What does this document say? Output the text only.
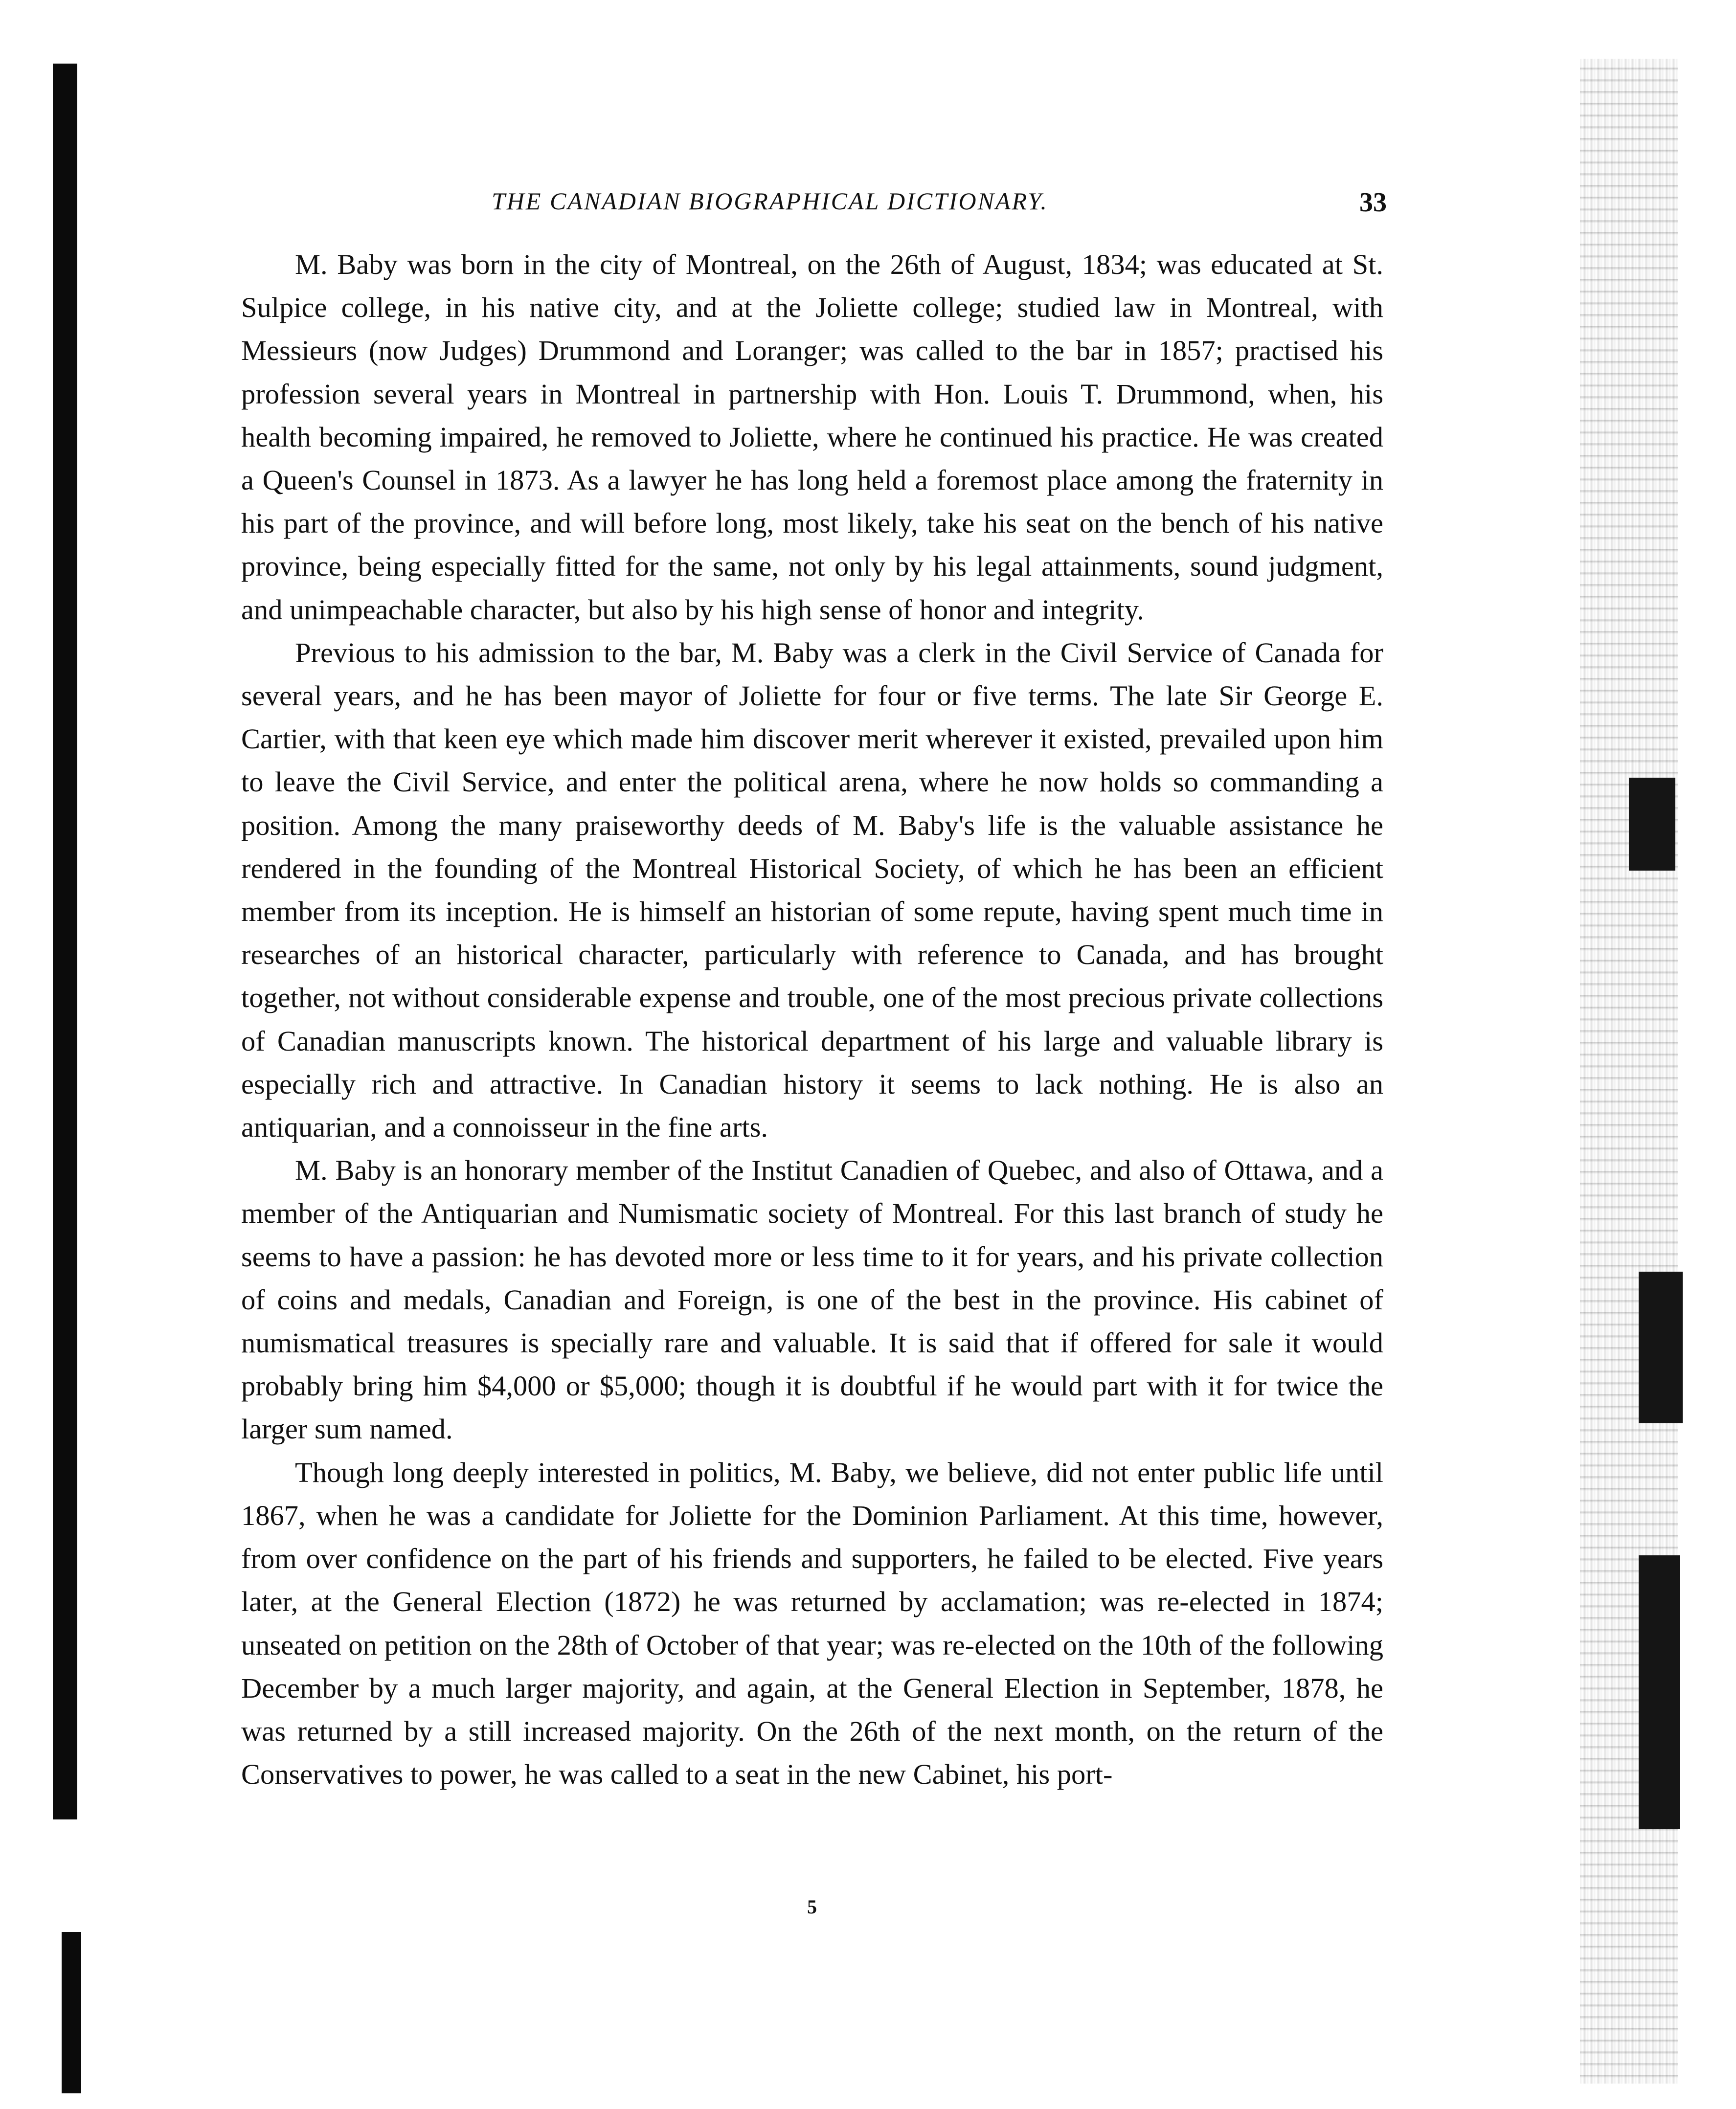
THE CANADIAN BIOGRAPHICAL DICTIONARY.	33

M. Baby was born in the city of Montreal, on the 26th of August, 1834; was educated at St. Sulpice college, in his native city, and at the Joliette college; studied law in Montreal, with Messieurs (now Judges) Drummond and Loranger; was called to the bar in 1857; practised his profession several years in Montreal in partnership with Hon. Louis T. Drummond, when, his health becoming impaired, he removed to Joliette, where he continued his practice. He was created a Queen's Counsel in 1873. As a lawyer he has long held a foremost place among the fraternity in his part of the province, and will before long, most likely, take his seat on the bench of his native province, being especially fitted for the same, not only by his legal attainments, sound judgment, and unimpeachable character, but also by his high sense of honor and integrity.

Previous to his admission to the bar, M. Baby was a clerk in the Civil Service of Canada for several years, and he has been mayor of Joliette for four or five terms. The late Sir George E. Cartier, with that keen eye which made him discover merit wherever it existed, prevailed upon him to leave the Civil Service, and enter the political arena, where he now holds so commanding a position. Among the many praiseworthy deeds of M. Baby's life is the valuable assistance he rendered in the founding of the Montreal Historical Society, of which he has been an efficient member from its inception. He is himself an historian of some repute, having spent much time in researches of an historical character, particularly with reference to Canada, and has brought together, not without considerable expense and trouble, one of the most precious private collections of Canadian manuscripts known. The historical department of his large and valuable library is especially rich and attractive. In Canadian history it seems to lack nothing. He is also an antiquarian, and a connoisseur in the fine arts.

M. Baby is an honorary member of the Institut Canadien of Quebec, and also of Ottawa, and a member of the Antiquarian and Numismatic society of Montreal. For this last branch of study he seems to have a passion: he has devoted more or less time to it for years, and his private collection of coins and medals, Canadian and Foreign, is one of the best in the province. His cabinet of numismatical treasures is specially rare and valuable. It is said that if offered for sale it would probably bring him $4,000 or $5,000; though it is doubtful if he would part with it for twice the larger sum named.

Though long deeply interested in politics, M. Baby, we believe, did not enter public life until 1867, when he was a candidate for Joliette for the Dominion Parliament. At this time, however, from over confidence on the part of his friends and supporters, he failed to be elected. Five years later, at the General Election (1872) he was returned by acclamation; was re-elected in 1874; unseated on petition on the 28th of October of that year; was re-elected on the 10th of the following December by a much larger majority, and again, at the General Election in September, 1878, he was returned by a still increased majority. On the 26th of the next month, on the return of the Conservatives to power, he was called to a seat in the new Cabinet, his port-

5
